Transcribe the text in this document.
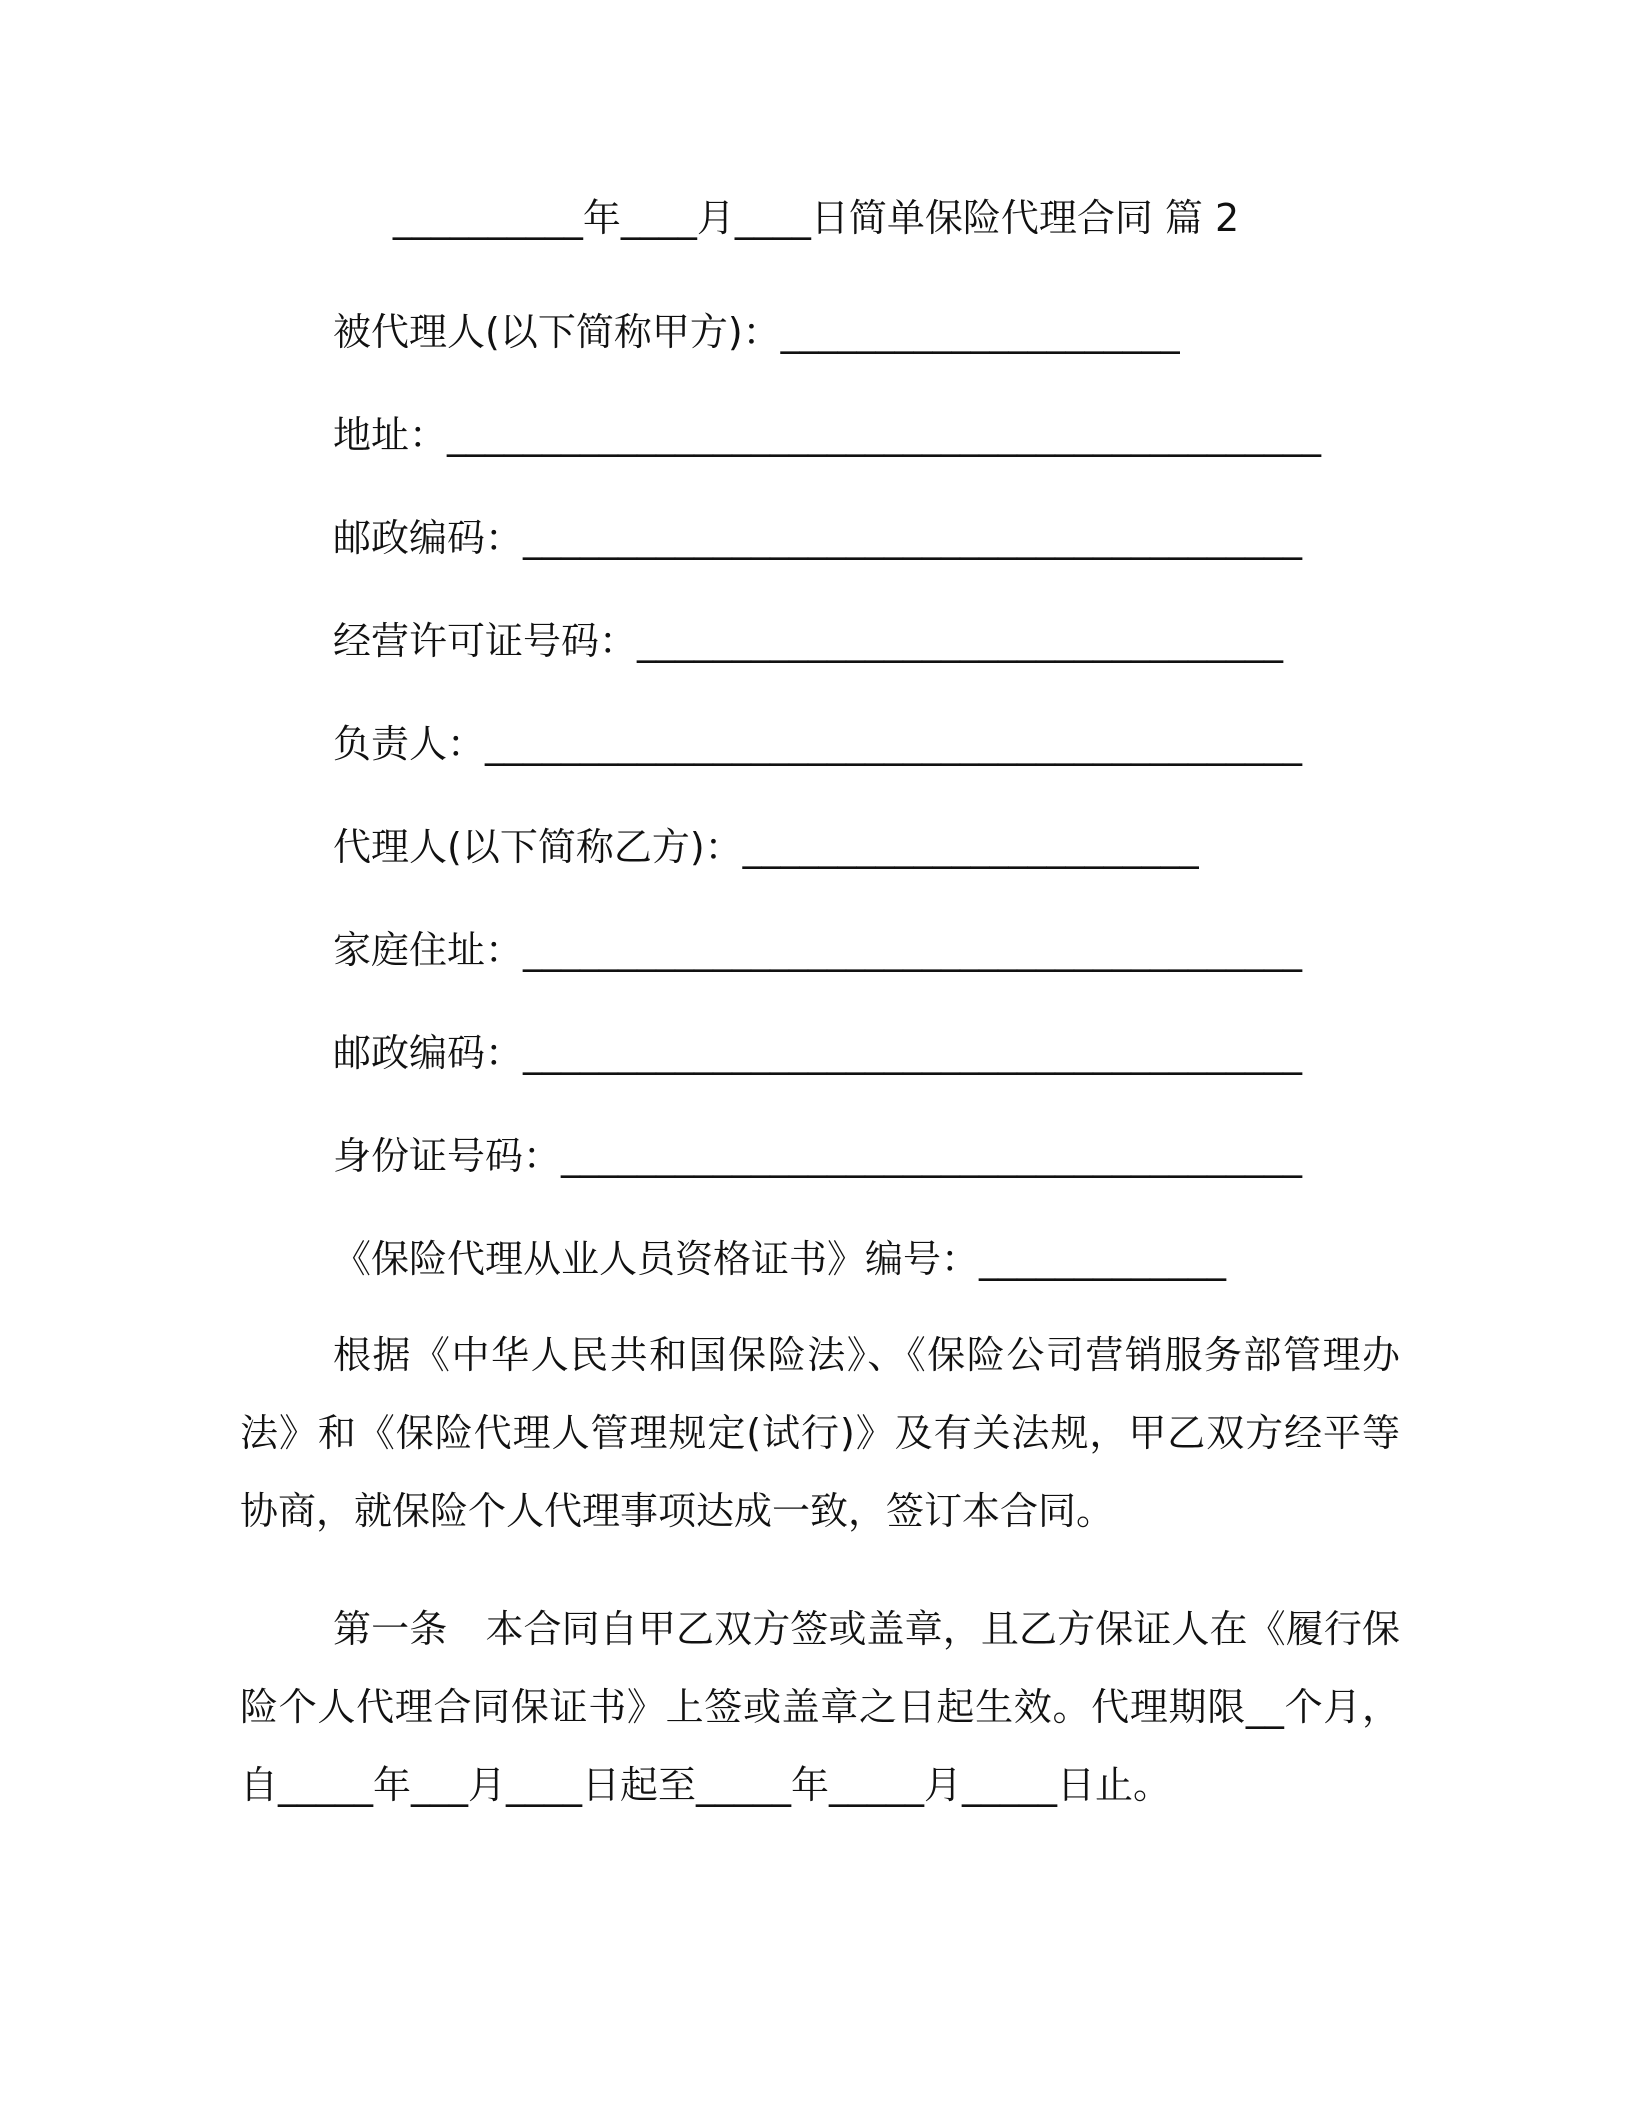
__________年____月____日简单保险代理合同 篇 2
被代理人(以下简称甲方)：_____________________
地址：______________________________________________
邮政编码：_________________________________________
经营许可证号码：__________________________________
负责人：___________________________________________
代理人(以下简称乙方)：________________________
家庭住址：_________________________________________
邮政编码：_________________________________________
身份证号码：_______________________________________
《保险代理从业人员资格证书》编号：_____________

根据《中华人民共和国保险法》、《保险公司营销服务部管理办法》和《保险代理人管理规定(试行)》及有关法规，甲乙双方经平等协商，就保险个人代理事项达成一致，签订本合同。

第一条　本合同自甲乙双方签或盖章，且乙方保证人在《履行保险个人代理合同保证书》上签或盖章之日起生效。代理期限__个月，自_____年___月____日起至_____年_____月_____日止。
